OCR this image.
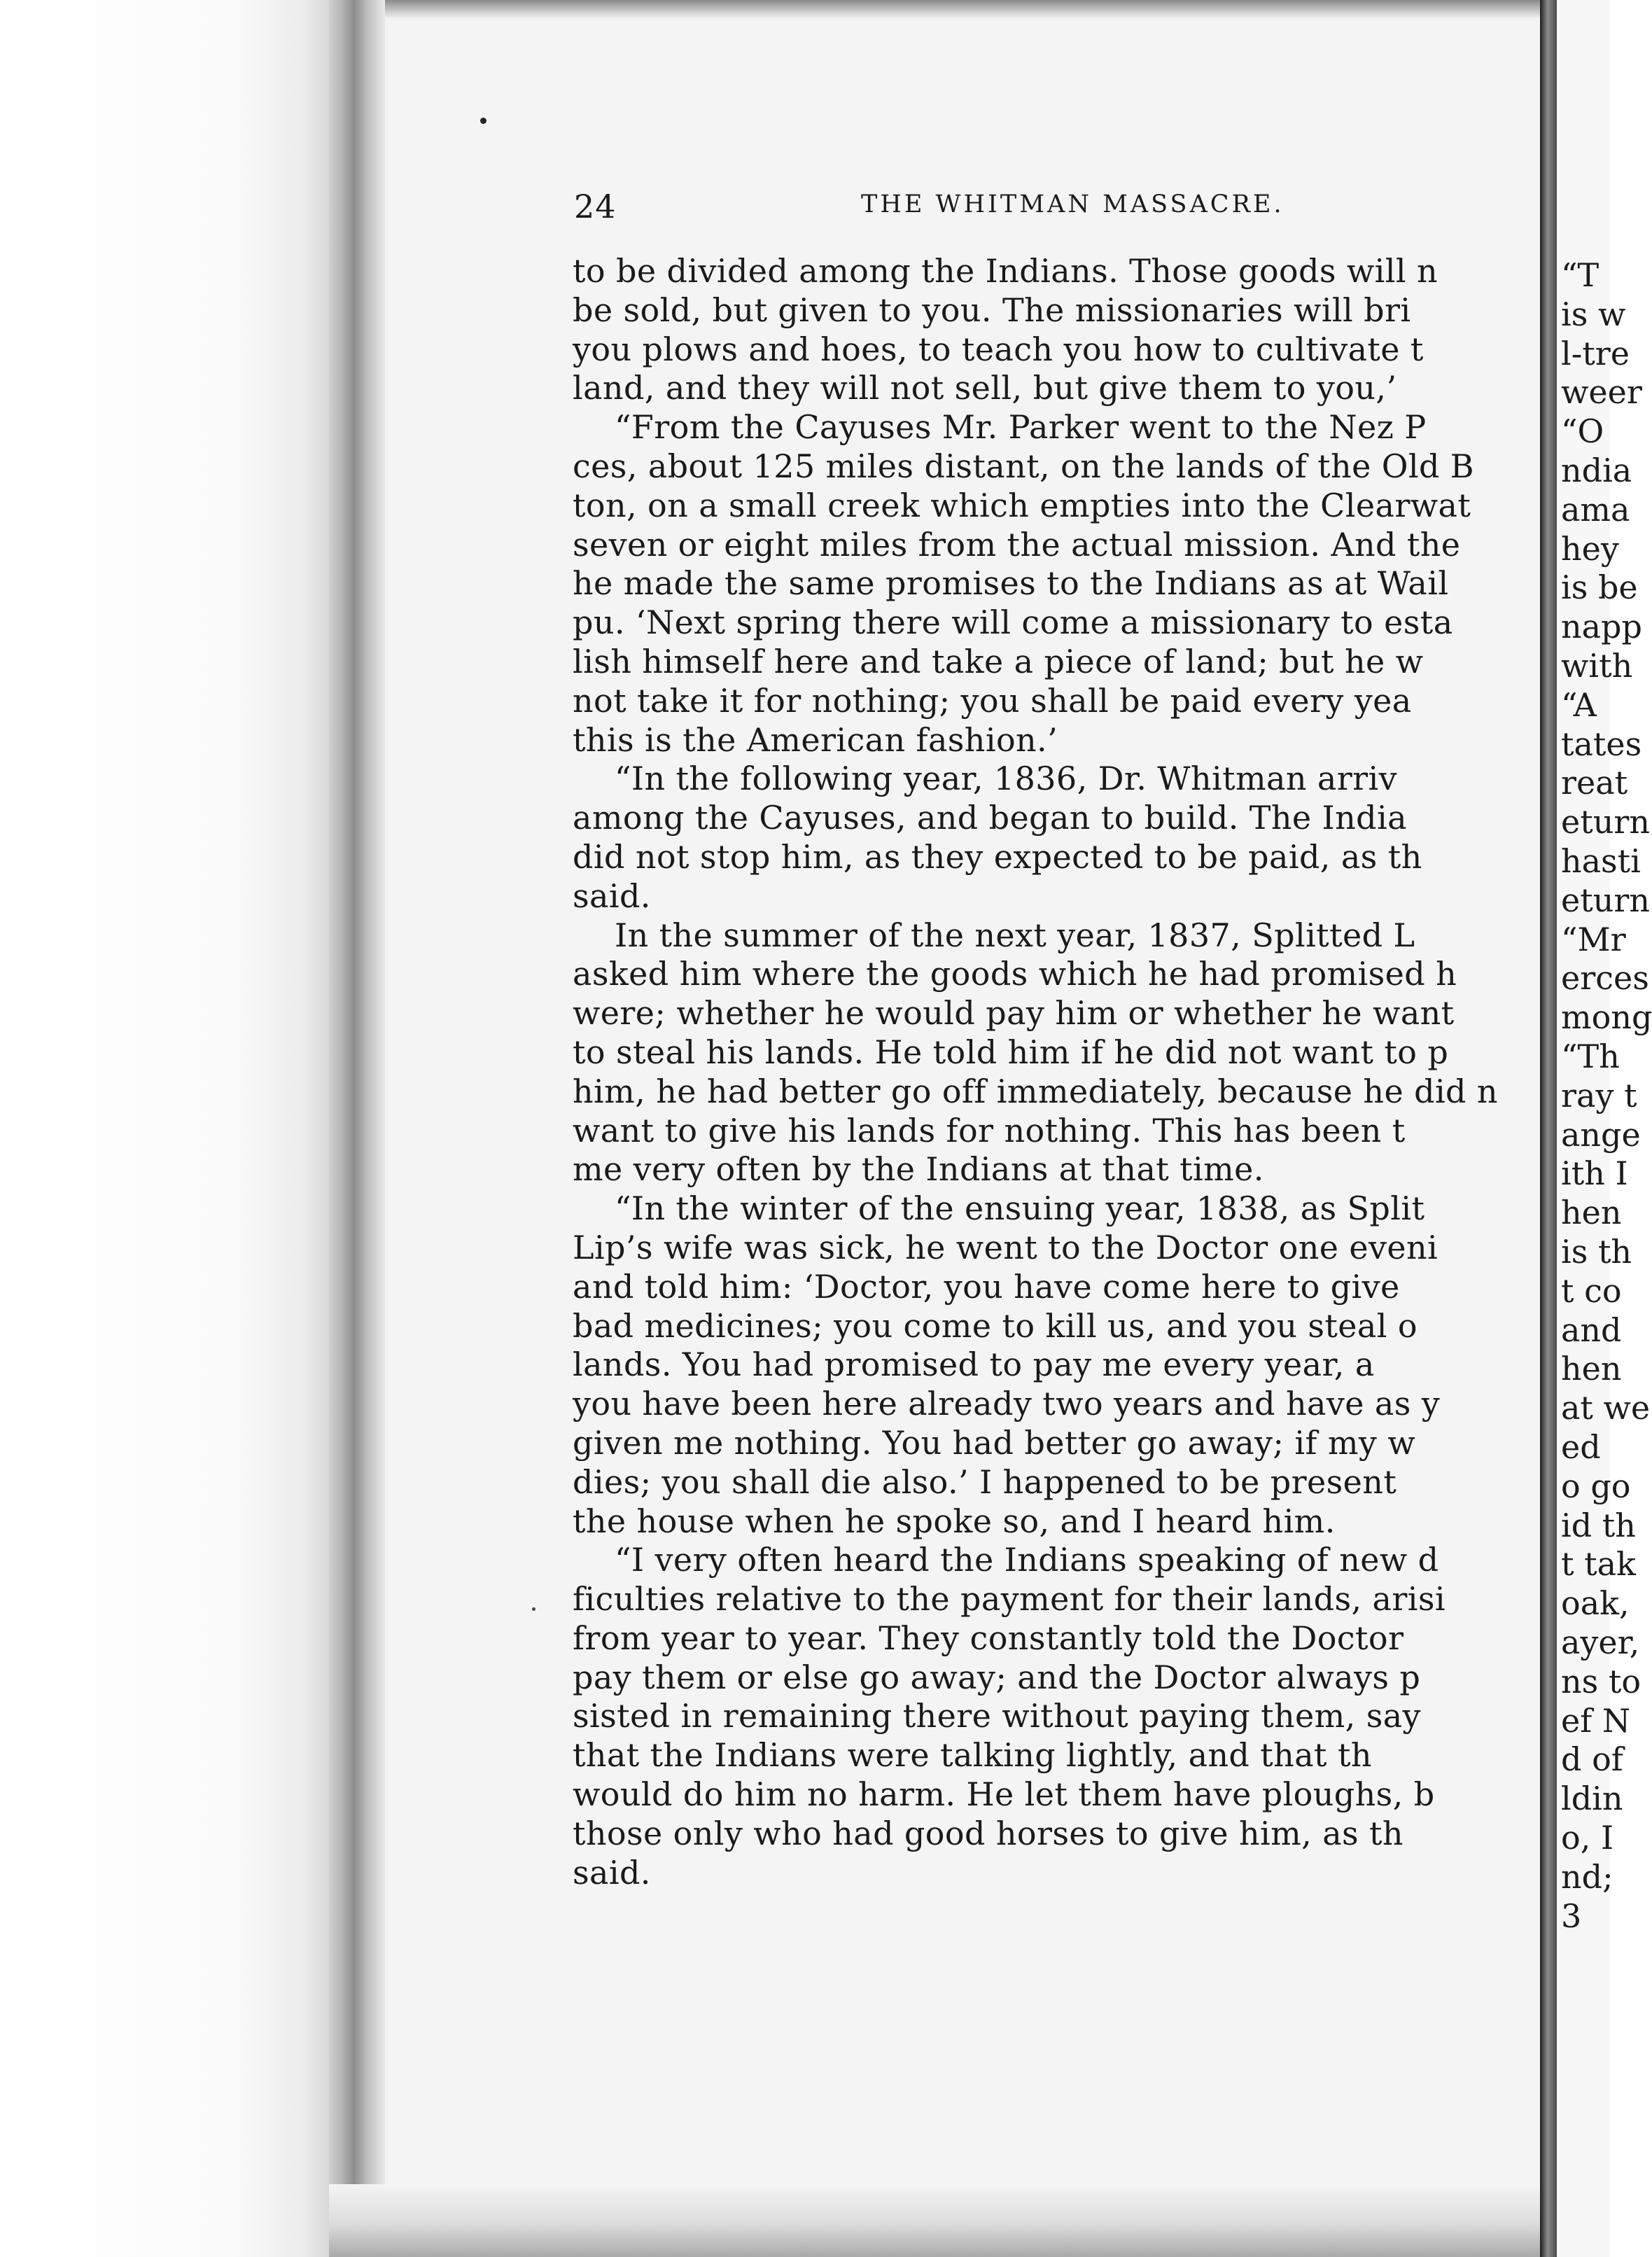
24	THE WHITMAN MASSACRE.
to be divided among the Indians. Those goods will n
be sold, but given to you. The missionaries will bri
you plows and hoes, to teach you how to cultivate t
land, and they will not sell, but give them to you,’
“From the Cayuses Mr. Parker went to the Nez P
ces, about 125 miles distant, on the lands of the Old B
ton, on a small creek which empties into the Clearwat
seven or eight miles from the actual mission. And the
he made the same promises to the Indians as at Wail
pu. ‘Next spring there will come a missionary to esta
lish himself here and take a piece of land; but he w
not take it for nothing; you shall be paid every yea
this is the American fashion.’
“In the following year, 1836, Dr. Whitman arriv
among the Cayuses, and began to build. The India
did not stop him, as they expected to be paid, as th
said.
In the summer of the next year, 1837, Splitted L
asked him where the goods which he had promised h
were; whether he would pay him or whether he want
to steal his lands. He told him if he did not want to p
him, he had better go off immediately, because he did n
want to give his lands for nothing. This has been t
me very often by the Indians at that time.
“In the winter of the ensuing year, 1838, as Split
Lip’s wife was sick, he went to the Doctor one eveni
and told him: ‘Doctor, you have come here to give
bad medicines; you come to kill us, and you steal o
lands. You had promised to pay me every year, a
you have been here already two years and have as y
given me nothing. You had better go away; if my w
dies; you shall die also.’ I happened to be present
the house when he spoke so, and I heard him.
“I very often heard the Indians speaking of new d
ficulties relative to the payment for their lands, arisi
from year to year. They constantly told the Doctor
pay them or else go away; and the Doctor always p
sisted in remaining there without paying them, say
that the Indians were talking lightly, and that th
would do him no harm. He let them have ploughs, b
those only who had good horses to give him, as th
said.
“T
is w
l-tre
weer
“O
ndia
ama
hey
is be
napp
with
“A
tates
reat
eturn
hasti
eturn
“Mr
erces
mong
“Th
ray t
ange
ith I
hen
is th
t co
and
hen
at we
ed
o go
id th
t tak
oak,
ayer,
ns to
ef N
d of
ldin
o, I
nd;
3
